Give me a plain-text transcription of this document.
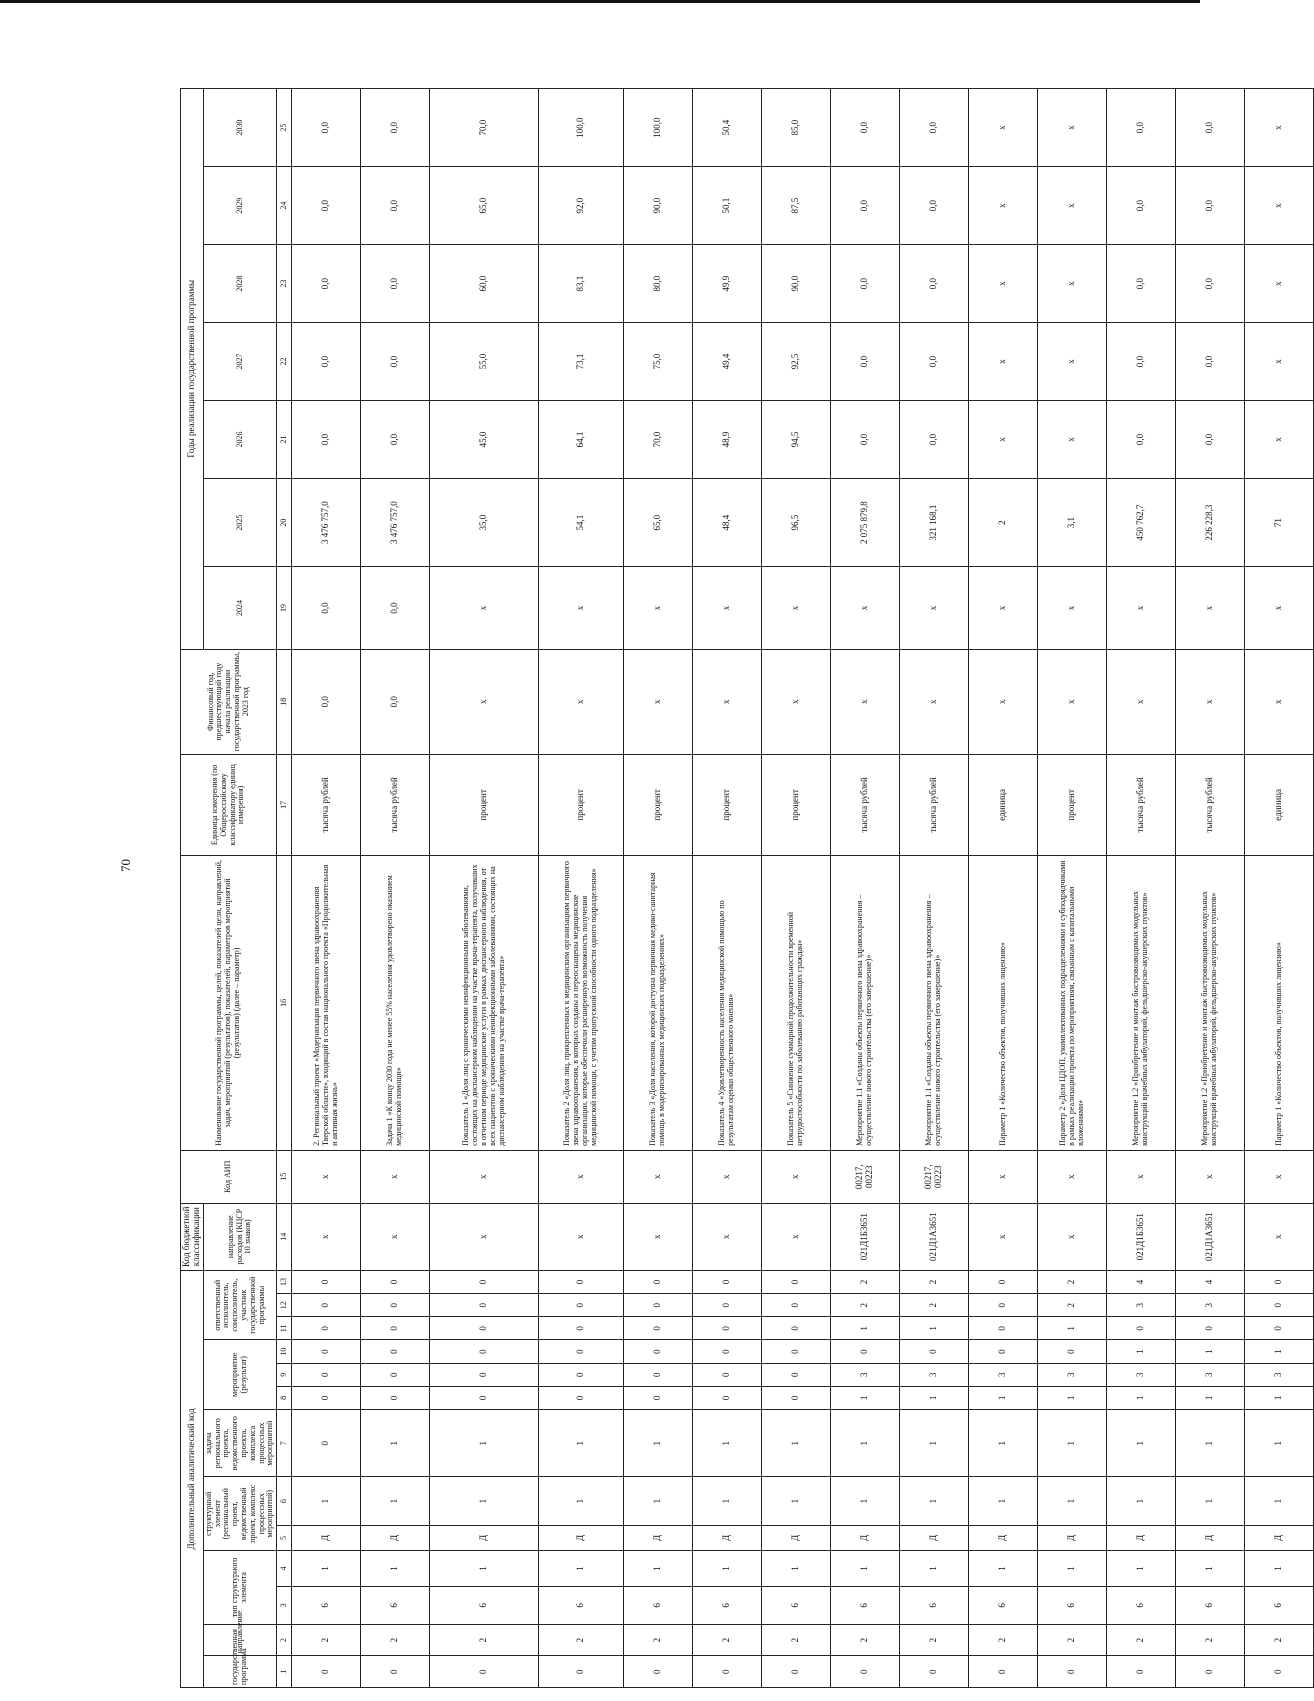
70
Дополнительный аналитический код													Код бюджетной классификации	Код АИП	Наименование государственной программы, целей, показателей цели, направлений, задач, мероприятий (результатов), показателей, параметров мероприятий (результатов) (далее – параметр)	Единица измерения (по Общероссийскому классификатору единиц измерения)	Финансовый год, предшествующий году начала реализации государственной программы, 2023 год	Годы реализации государственной программы						
государственная программа	направление	тип структурного элемента		структурный элемент (региональный проект, ведомственный проект, комплекс процессных мероприятий)		задача регионального проекта, ведомственного проекта, комплекса процессных мероприятий	мероприятие (результат)			ответственный исполнитель, соисполнитель, участник государственной программы			направление расходов (КЦСР 10 знаков)					2024	2025	2026	2027	2028	2029	2030

1	2	3	4	5	6	7	8	9	10	11	12	13	14	15	16	17	18	19	20	21	22	23	24	25
0	2	6	1	Д	1	0	0	0	0	0	0	0	х	х	2. Региональный проект «Модернизация первичного звена здравоохранения Тверской области», входящий в состав национального проекта «Продолжительная и активная жизнь»	тысяча рублей	0,0	0,0	3 476 757,0	0,0	0,0	0,0	0,0	0,0
0	2	6	1	Д	1	1	0	0	0	0	0	0	х	х	Задача 1 «К концу 2030 года не менее 55% населения удовлетворено оказанием медицинской помощи»	тысяча рублей	0,0	0,0	3 476 757,0	0,0	0,0	0,0	0,0	0,0
0	2	6	1	Д	1	1	0	0	0	0	0	0	х	х	Показатель 1 «Доля лиц с хроническими неинфекционными заболеваниями, состоящих на диспансерном наблюдении на участке врача-терапевта, получивших в отчетном периоде медицинские услуги в рамках диспансерного наблюдения, от всех пациентов с хроническими неинфекционными заболеваниями, состоящих на диспансерном наблюдении на участке врача-терапевта»	процент	х	х	35,0	45,0	55,0	60,0	65,0	70,0
0	2	6	1	Д	1	1	0	0	0	0	0	0	х	х	Показатель 2 «Доля лиц, прикрепленных к медицинским организациям первичного звена здравоохранения, в которых созданы и переоснащены медицинские организации, которые обеспечили расширенную возможность получения медицинской помощи, с учетом пропускной способности одного подразделения»	процент	х	х	54,1	64,1	73,1	83,1	92,0	100,0
0	2	6	1	Д	1	1	0	0	0	0	0	0	х	х	Показатель 3 «Доля населения, которой доступна первичная медико-санитарная помощь в модернизированных медицинских подразделениях»	процент	х	х	65,0	70,0	75,0	80,0	90,0	100,0
0	2	6	1	Д	1	1	0	0	0	0	0	0	х	х	Показатель 4 «Удовлетворенность населения медицинской помощью по результатам оценки общественного мнения»	процент	х	х	48,4	48,9	49,4	49,9	50,1	50,4
0	2	6	1	Д	1	1	0	0	0	0	0	0	х	х	Показатель 5 «Снижение суммарной продолжительности временной нетрудоспособности по заболеванию работающих граждан»	процент	х	х	96,5	94,5	92,5	90,0	87,5	85,0
0	2	6	1	Д	1	1	1	3	0	1	2	2	021Д1Б3651	00217, 00223	Мероприятие 1.1 «Созданы объекты первичного звена здравоохранения – осуществление нового строительства (его завершение)»	тысяча рублей	х	х	2 075 879,8	0,0	0,0	0,0	0,0	0,0
0	2	6	1	Д	1	1	1	3	0	1	2	2	021Д1А3651	00217, 00223	Мероприятие 1.1 «Созданы объекты первичного звена здравоохранения – осуществление нового строительства (его завершение)»	тысяча рублей	х	х	321 168,1	0,0	0,0	0,0	0,0	0,0
0	2	6	1	Д	1	1	1	3	0	0	0	0	х	х	Параметр 1 «Количество объектов, получивших лицензию»	единица	х	х	2	х	х	х	х	х
0	2	6	1	Д	1	1	1	3	0	1	2	2	х	х	Параметр 2 «Доля ЦДОП, укомплектованных подразделениями и субподрядчиками в рамках реализации проекта по мероприятиям, связанным с капитальными вложениями»	процент	х	х	3,1	х	х	х	х	х
0	2	6	1	Д	1	1	1	3	1	0	3	4	021Д1Б3651	х	Мероприятие 1.2 «Приобретение и монтаж быстровозводимых модульных конструкций врачебных амбулаторий, фельдшерско-акушерских пунктов»	тысяча рублей	х	х	450 762,7	0,0	0,0	0,0	0,0	0,0
0	2	6	1	Д	1	1	1	3	1	0	3	4	021Д1А3651	х	Мероприятие 1.2 «Приобретение и монтаж быстровозводимых модульных конструкций врачебных амбулаторий, фельдшерско-акушерских пунктов»	тысяча рублей	х	х	226 228,3	0,0	0,0	0,0	0,0	0,0
0	2	6	1	Д	1	1	1	3	1	0	0	0	х	х	Параметр 1 «Количество объектов, получивших лицензию»	единица	х	х	71	х	х	х	х	х
